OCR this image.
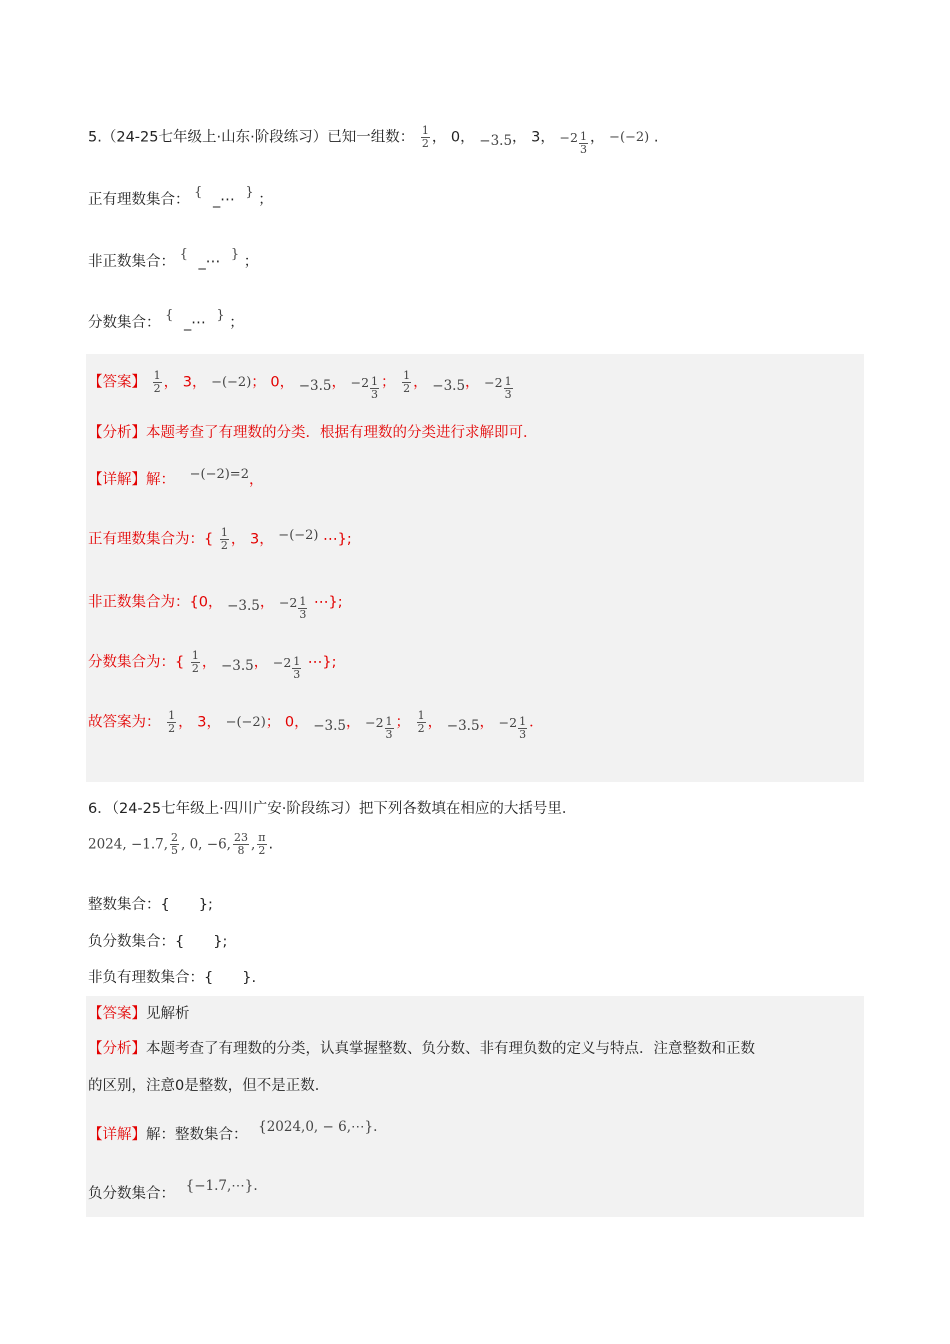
5.（24-25七年级上·山东·阶段练习）已知一组数： $\frac{1}{2}$ ， 0， −3.5， 3， $-2 \frac{1}{3}$ ， −(−2) .
正有理数集合： { _⋯ } ；
非正数集合： { _⋯ } ；
分数集合： { _⋯ } ；
【答案】 $\frac{1}{2}$ ， 3， −(−2)； 0， −3.5， $-2 \frac{1}{3}$ ； $\frac{1}{2}$ ， −3.5， $-2 \frac{1}{3}$
【分析】本题考查了有理数的分类．根据有理数的分类进行求解即可．
【详解】解： −(−2)=2，
正有理数集合为：{ $\frac{1}{2}$ ， 3， −(−2) ⋯};
非正数集合为：{0， −3.5， $-2 \frac{1}{3}$ ⋯};
分数集合为：{ $\frac{1}{2}$ ， −3.5， $-2 \frac{1}{3}$ ⋯};
故答案为： $\frac{1}{2}$ ， 3， −(−2)； 0， −3.5， $-2 \frac{1}{3}$ ； $\frac{1}{2}$ ， −3.5， $-2 \frac{1}{3}$ ．
6．（24-25七年级上·四川广安·阶段练习）把下列各数填在相应的大括号里．
2024, −1.7, $\frac{2}{5}$ , 0, −6, $\frac{23}{8}$ , $\frac{\pi}{2}$ .
整数集合：{　　};
负分数集合：{　　};
非负有理数集合：{　　}.
【答案】见解析
【分析】本题考查了有理数的分类，认真掌握整数、负分数、非有理负数的定义与特点．注意整数和正数
的区别，注意0是整数，但不是正数．
【详解】解：整数集合： {2024,0, − 6,⋯}.
负分数集合： {−1.7,⋯}.
